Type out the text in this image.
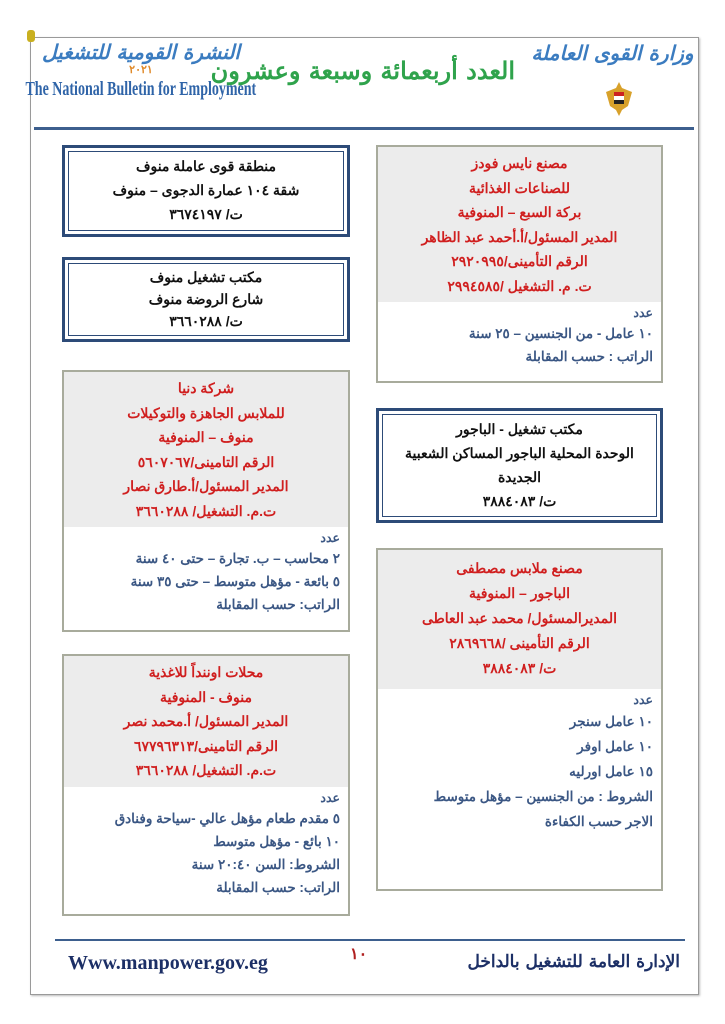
النشرة القومية للتشغيل
٢٠٢١
The National Bulletin for Employment
العدد أربعمائة وسبعة وعشرون
وزارة القوى العاملة
مصنع نايس فودز
للصناعات الغذائية
بركة السبع – المنوفية
المدير المسئول/أ.أحمد عبد الظاهر
الرقم التأمينى/٢٩٢٠٩٩٥
ت. م. التشغيل /٢٩٩٤٥٨٥
عدد
١٠ عامل - من الجنسين – ٢٥ سنة
الراتب : حسب المقابلة
مكتب تشغيل - الباجور
الوحدة المحلية الباجور المساكن الشعبية الجديدة
ت/ ٣٨٨٤٠٨٣
مصنع ملابس مصطفى
الباجور – المنوفية
المديرالمسئول/ محمد عبد العاطى
الرقم التأمينى /٢٨٦٩٦٦٨
ت/ ٣٨٨٤٠٨٣
عدد
١٠ عامل سنجر
١٠ عامل اوفر
١٥ عامل اورليه
الشروط : من الجنسين – مؤهل متوسط
الاجر حسب الكفاءة
منطقة قوى عاملة منوف
شقة ١٠٤ عمارة الدجوى – منوف
ت/ ٣٦٧٤١٩٧
مكتب تشغيل منوف
شارع الروضة منوف
ت/ ٣٦٦٠٢٨٨
شركة دنيا
للملابس الجاهزة والتوكيلات
منوف – المنوفية
الرقم التامينى/٥٦٠٧٠٦٧
المدير المسئول/أ.طارق نصار
ت.م. التشغيل/ ٣٦٦٠٢٨٨
عدد
٢ محاسب – ب. تجارة – حتى ٤٠ سنة
٥ بائعة - مؤهل متوسط – حتى ٣٥ سنة
الراتب: حسب المقابلة
محلات اوننداً للاغذية
منوف - المنوفية
المدير المسئول/ أ.محمد نصر
الرقم التامينى/٦٧٧٩٦٣١٣
ت.م. التشغيل/ ٣٦٦٠٢٨٨
عدد
٥ مقدم طعام مؤهل عالي -سياحة وفنادق
١٠ بائع - مؤهل متوسط
الشروط: السن ٢٠:٤٠ سنة
الراتب: حسب المقابلة
Www.manpower.gov.eg	١٠	الإدارة العامة للتشغيل بالداخل
